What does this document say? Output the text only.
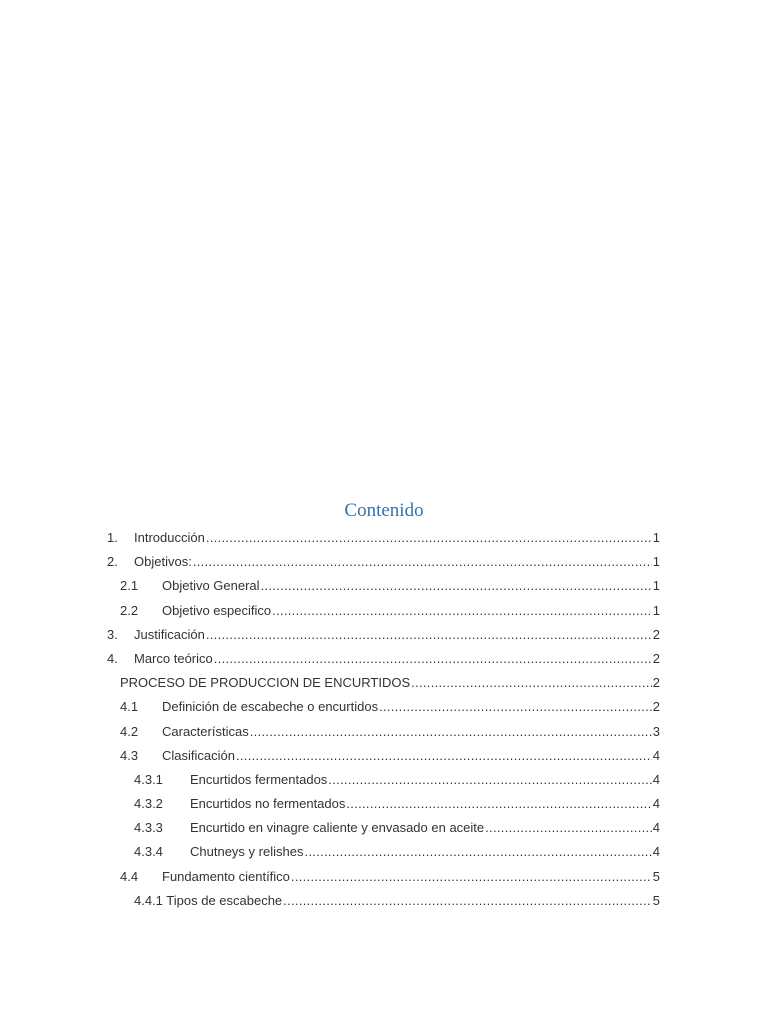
Contenido
1.	Introducción .....	1
2.	Objetivos: .....	1
2.1	Objetivo General .....	1
2.2	Objetivo especifico .....	1
3.	Justificación .....	2
4.	Marco teórico .....	2
PROCESO DE PRODUCCION DE ENCURTIDOS .....	2
4.1	Definición de escabeche o encurtidos .....	2
4.2	Características .....	3
4.3	Clasificación .....	4
4.3.1	Encurtidos fermentados .....	4
4.3.2	Encurtidos no fermentados .....	4
4.3.3	Encurtido en vinagre caliente y envasado en aceite .....	4
4.3.4	Chutneys y relishes .....	4
4.4	Fundamento científico .....	5
4.4.1 Tipos de escabeche .....	5
